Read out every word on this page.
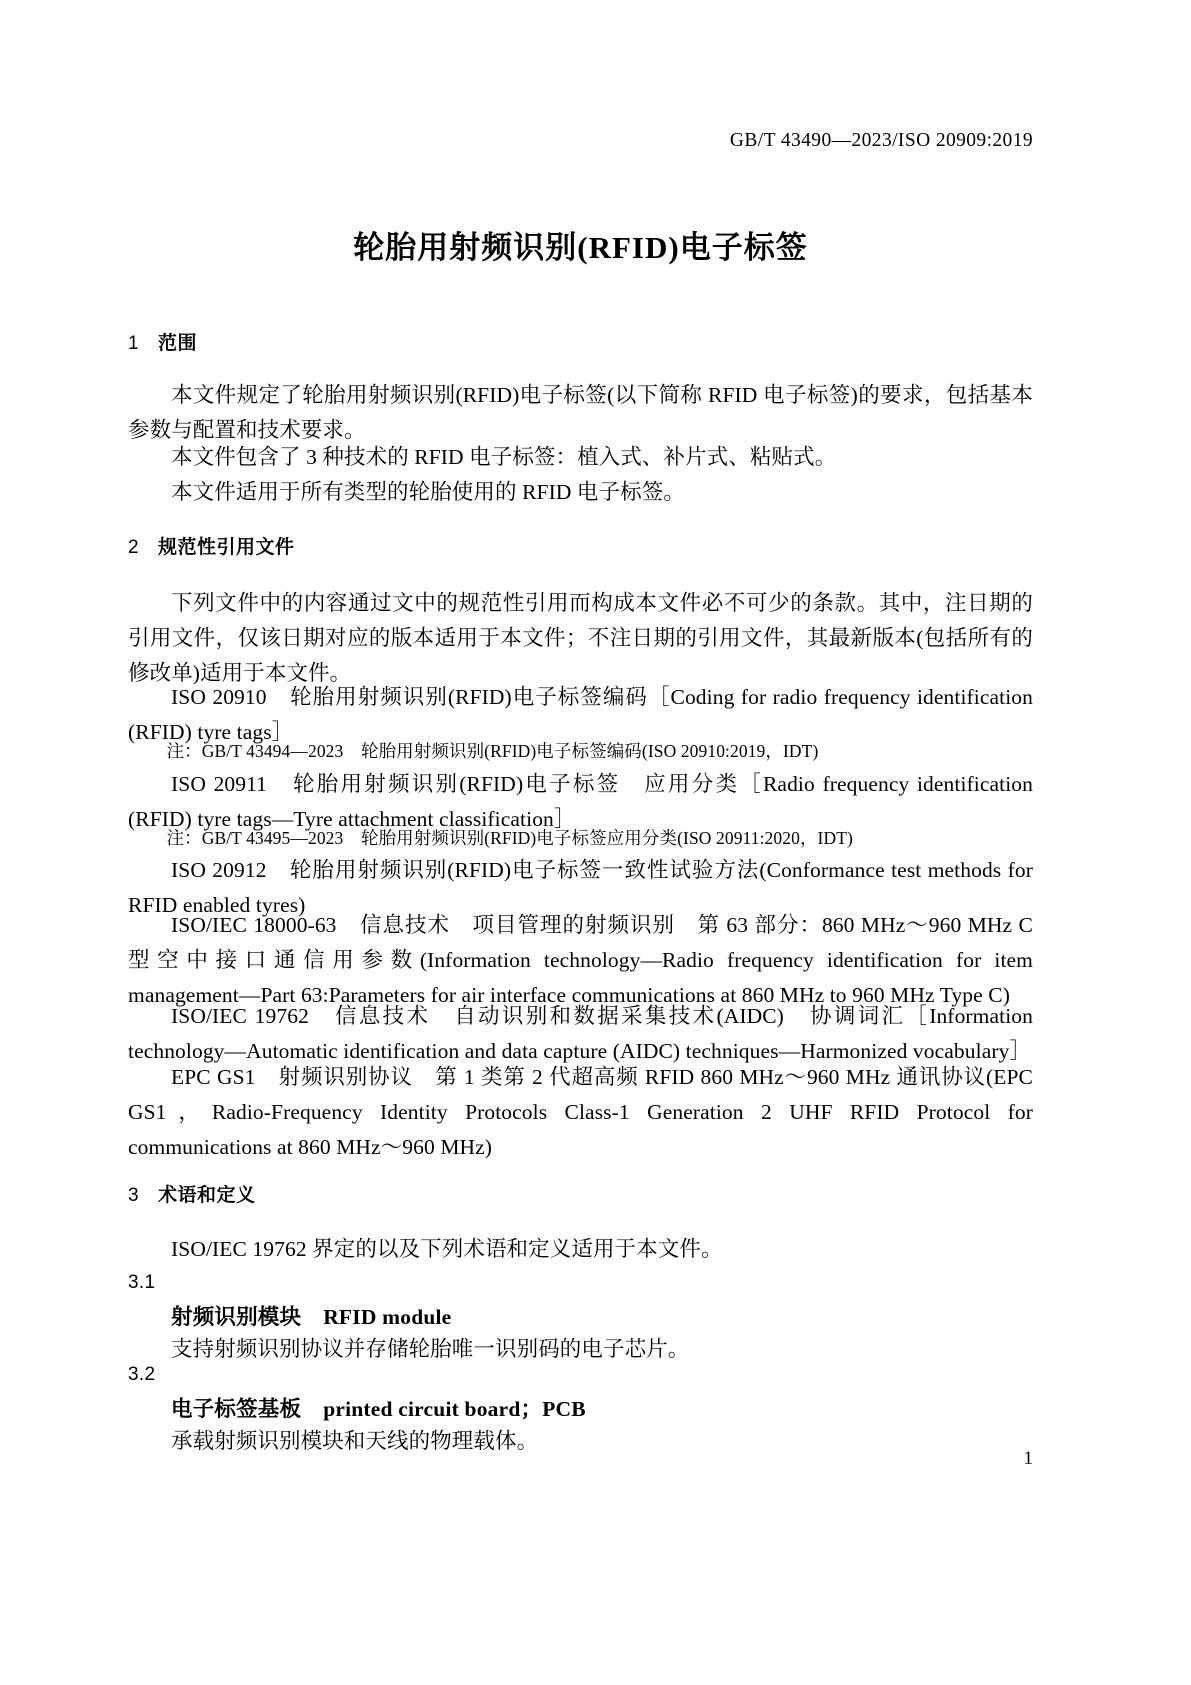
GB/T 43490—2023/ISO 20909:2019
轮胎用射频识别(RFID)电子标签
1 范围
本文件规定了轮胎用射频识别(RFID)电子标签(以下简称 RFID 电子标签)的要求，包括基本参数与配置和技术要求。
本文件包含了 3 种技术的 RFID 电子标签：植入式、补片式、粘贴式。
本文件适用于所有类型的轮胎使用的 RFID 电子标签。
2 规范性引用文件
下列文件中的内容通过文中的规范性引用而构成本文件必不可少的条款。其中，注日期的引用文件，仅该日期对应的版本适用于本文件；不注日期的引用文件，其最新版本(包括所有的修改单)适用于本文件。
ISO 20910　轮胎用射频识别(RFID)电子标签编码［Coding for radio frequency identification (RFID) tyre tags］
注：GB/T 43494—2023　轮胎用射频识别(RFID)电子标签编码(ISO 20910:2019，IDT)
ISO 20911　轮胎用射频识别(RFID)电子标签　应用分类［Radio frequency identification (RFID) tyre tags—Tyre attachment classification］
注：GB/T 43495—2023　轮胎用射频识别(RFID)电子标签应用分类(ISO 20911:2020，IDT)
ISO 20912　轮胎用射频识别(RFID)电子标签一致性试验方法(Conformance test methods for RFID enabled tyres)
ISO/IEC 18000-63　信息技术　项目管理的射频识别　第 63 部分：860 MHz～960 MHz C 型空中接口通信用参数(Information technology—Radio frequency identification for item management—Part 63:Parameters for air interface communications at 860 MHz to 960 MHz Type C)
ISO/IEC 19762　信息技术　自动识别和数据采集技术(AIDC)　协调词汇［Information technology—Automatic identification and data capture (AIDC) techniques—Harmonized vocabulary］
EPC GS1　射频识别协议　第 1 类第 2 代超高频 RFID 860 MHz～960 MHz 通讯协议(EPC GS1，Radio-Frequency Identity Protocols Class-1 Generation 2 UHF RFID Protocol for communications at 860 MHz～960 MHz)
3 术语和定义
ISO/IEC 19762 界定的以及下列术语和定义适用于本文件。
3.1
射频识别模块 RFID module
支持射频识别协议并存储轮胎唯一识别码的电子芯片。
3.2
电子标签基板 printed circuit board；PCB
承载射频识别模块和天线的物理载体。
1
